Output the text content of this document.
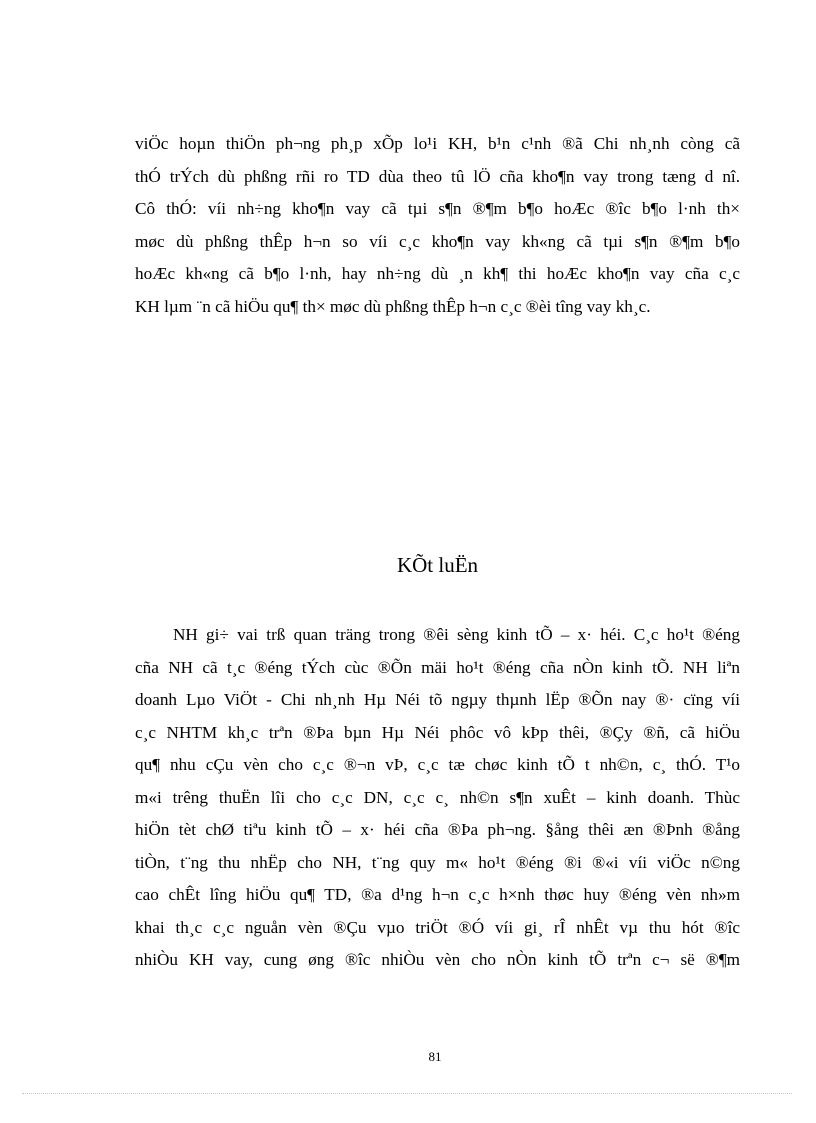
viÖc hoµn thiÖn ph¬ng ph¸p xÕp lo¹i KH, b¹n c¹nh ®ã Chi nh¸nh còng cã
thÓ trÝch dù phßng rñi ro TD dùa theo tû lÖ cña kho¶n vay trong tæng d nî.
Cô thÓ: víi nh÷ng kho¶n vay cã tµi s¶n ®¶m b¶o hoÆc ®îc b¶o l·nh th×
møc dù phßng thÊp h¬n so víi c¸c kho¶n vay kh«ng cã tµi s¶n ®¶m b¶o
hoÆc kh«ng cã b¶o l·nh, hay nh÷ng dù ¸n kh¶ thi hoÆc kho¶n vay cña c¸c
KH lµm ¨n cã hiÖu qu¶ th× møc dù phßng thÊp h¬n c¸c ®èi tîng vay kh¸c.
KÕt luËn
NH gi÷ vai trß quan träng trong ®êi sèng kinh tÕ – x· héi. C¸c ho¹t ®éng
cña NH cã t¸c ®éng tÝch cùc ®Õn mäi ho¹t ®éng cña nÒn kinh tÕ. NH liªn
doanh Lµo ViÖt - Chi nh¸nh Hµ Néi tõ ngµy thµnh lËp ®Õn nay ®· cïng víi
c¸c NHTM kh¸c trªn ®Þa bµn Hµ Néi phôc vô kÞp thêi, ®Çy ®ñ, cã hiÖu
qu¶ nhu cÇu vèn cho c¸c ®¬n vÞ, c¸c tæ chøc kinh tÕ t nh©n, c¸ thÓ. T¹o
m«i trêng thuËn lîi cho c¸c DN, c¸c c¸ nh©n s¶n xuÊt – kinh doanh. Thùc
hiÖn tèt chØ tiªu kinh tÕ – x· héi cña ®Þa ph¬ng. §ång thêi æn ®Þnh ®ång
tiÒn, t¨ng thu nhËp cho NH, t¨ng quy m« ho¹t ®éng ®i ®«i víi viÖc n©ng
cao chÊt lîng hiÖu qu¶ TD, ®a d¹ng h¬n c¸c h×nh thøc huy ®éng vèn nh»m
khai th¸c c¸c nguån vèn ®Çu vµo triÖt ®Ó víi gi¸ rÎ nhÊt vµ thu hót ®îc
nhiÒu KH vay, cung øng ®îc nhiÒu vèn cho nÒn kinh tÕ trªn c¬ së ®¶m
81
